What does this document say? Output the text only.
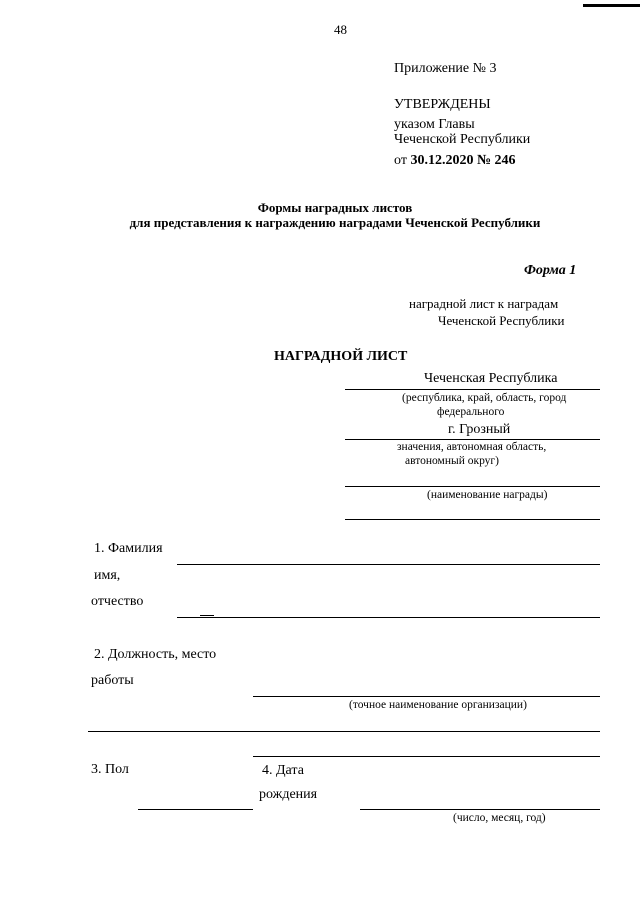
48
Приложение № 3
УТВЕРЖДЕНЫ
указом Главы
Чеченской Республики
от 30.12.2020 № 246
Формы наградных листов
для представления к награждению наградами Чеченской Республики
Форма 1
наградной лист к наградам
Чеченской Республики
НАГРАДНОЙ ЛИСТ
Чеченская Республика
(республика, край, область, город
федерального
г. Грозный
значения, автономная область,
автономный округ)
(наименование награды)
1. Фамилия
имя,
отчество
2. Должность, место
работы
(точное наименование организации)
3. Пол	4. Дата
рождения
(число, месяц, год)
